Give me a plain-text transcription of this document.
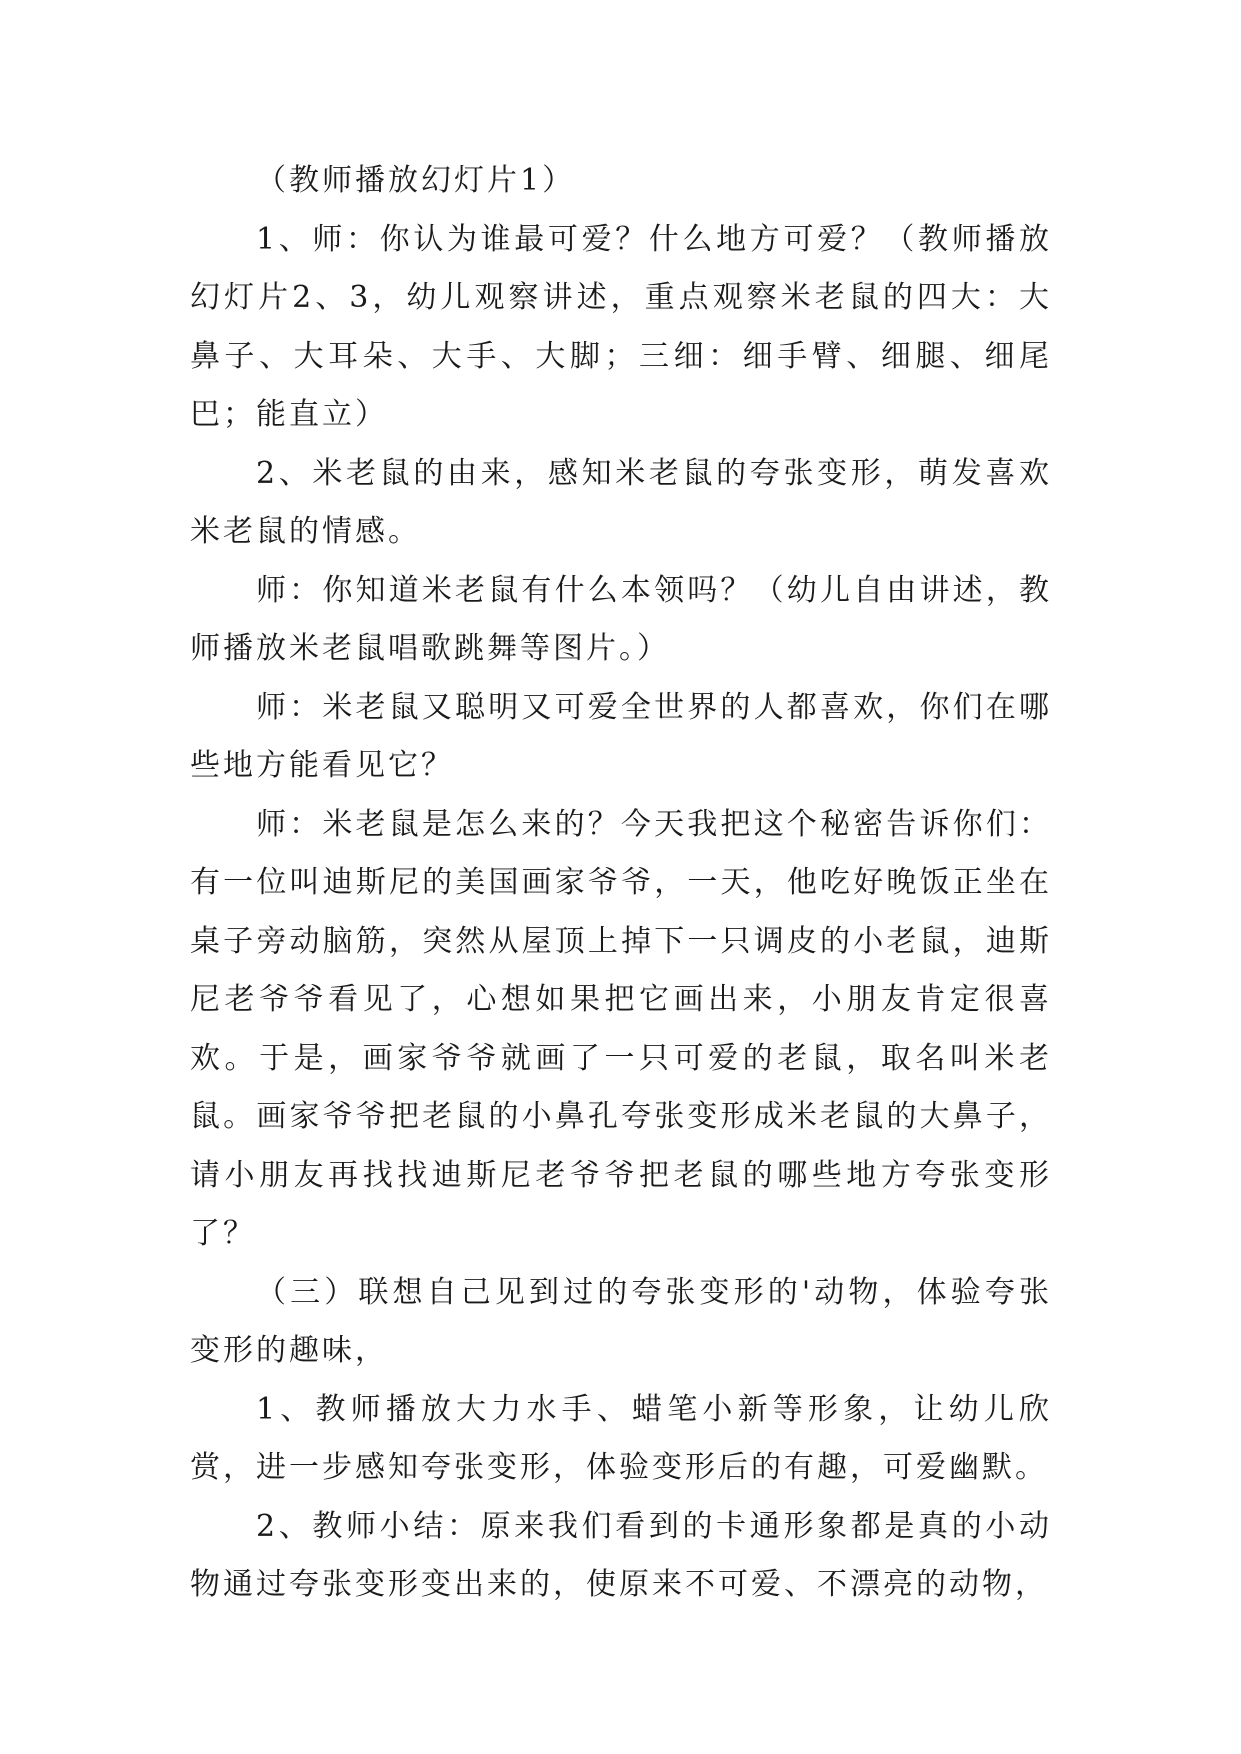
（教师播放幻灯片1）

1、师：你认为谁最可爱？什么地方可爱？（教师播放幻灯片2、3，幼儿观察讲述，重点观察米老鼠的四大：大鼻子、大耳朵、大手、大脚；三细：细手臂、细腿、细尾巴；能直立）

2、米老鼠的由来，感知米老鼠的夸张变形，萌发喜欢米老鼠的情感。

师：你知道米老鼠有什么本领吗？（幼儿自由讲述，教师播放米老鼠唱歌跳舞等图片。）

师：米老鼠又聪明又可爱全世界的人都喜欢，你们在哪些地方能看见它？

师：米老鼠是怎么来的？今天我把这个秘密告诉你们：有一位叫迪斯尼的美国画家爷爷，一天，他吃好晚饭正坐在桌子旁动脑筋，突然从屋顶上掉下一只调皮的小老鼠，迪斯尼老爷爷看见了，心想如果把它画出来，小朋友肯定很喜欢。于是，画家爷爷就画了一只可爱的老鼠，取名叫米老鼠。画家爷爷把老鼠的小鼻孔夸张变形成米老鼠的大鼻子，请小朋友再找找迪斯尼老爷爷把老鼠的哪些地方夸张变形了？

（三）联想自己见到过的夸张变形的'动物，体验夸张变形的趣味，

1、教师播放大力水手、蜡笔小新等形象，让幼儿欣赏，进一步感知夸张变形，体验变形后的有趣，可爱幽默。

2、教师小结：原来我们看到的卡通形象都是真的小动物通过夸张变形变出来的，使原来不可爱、不漂亮的动物，
